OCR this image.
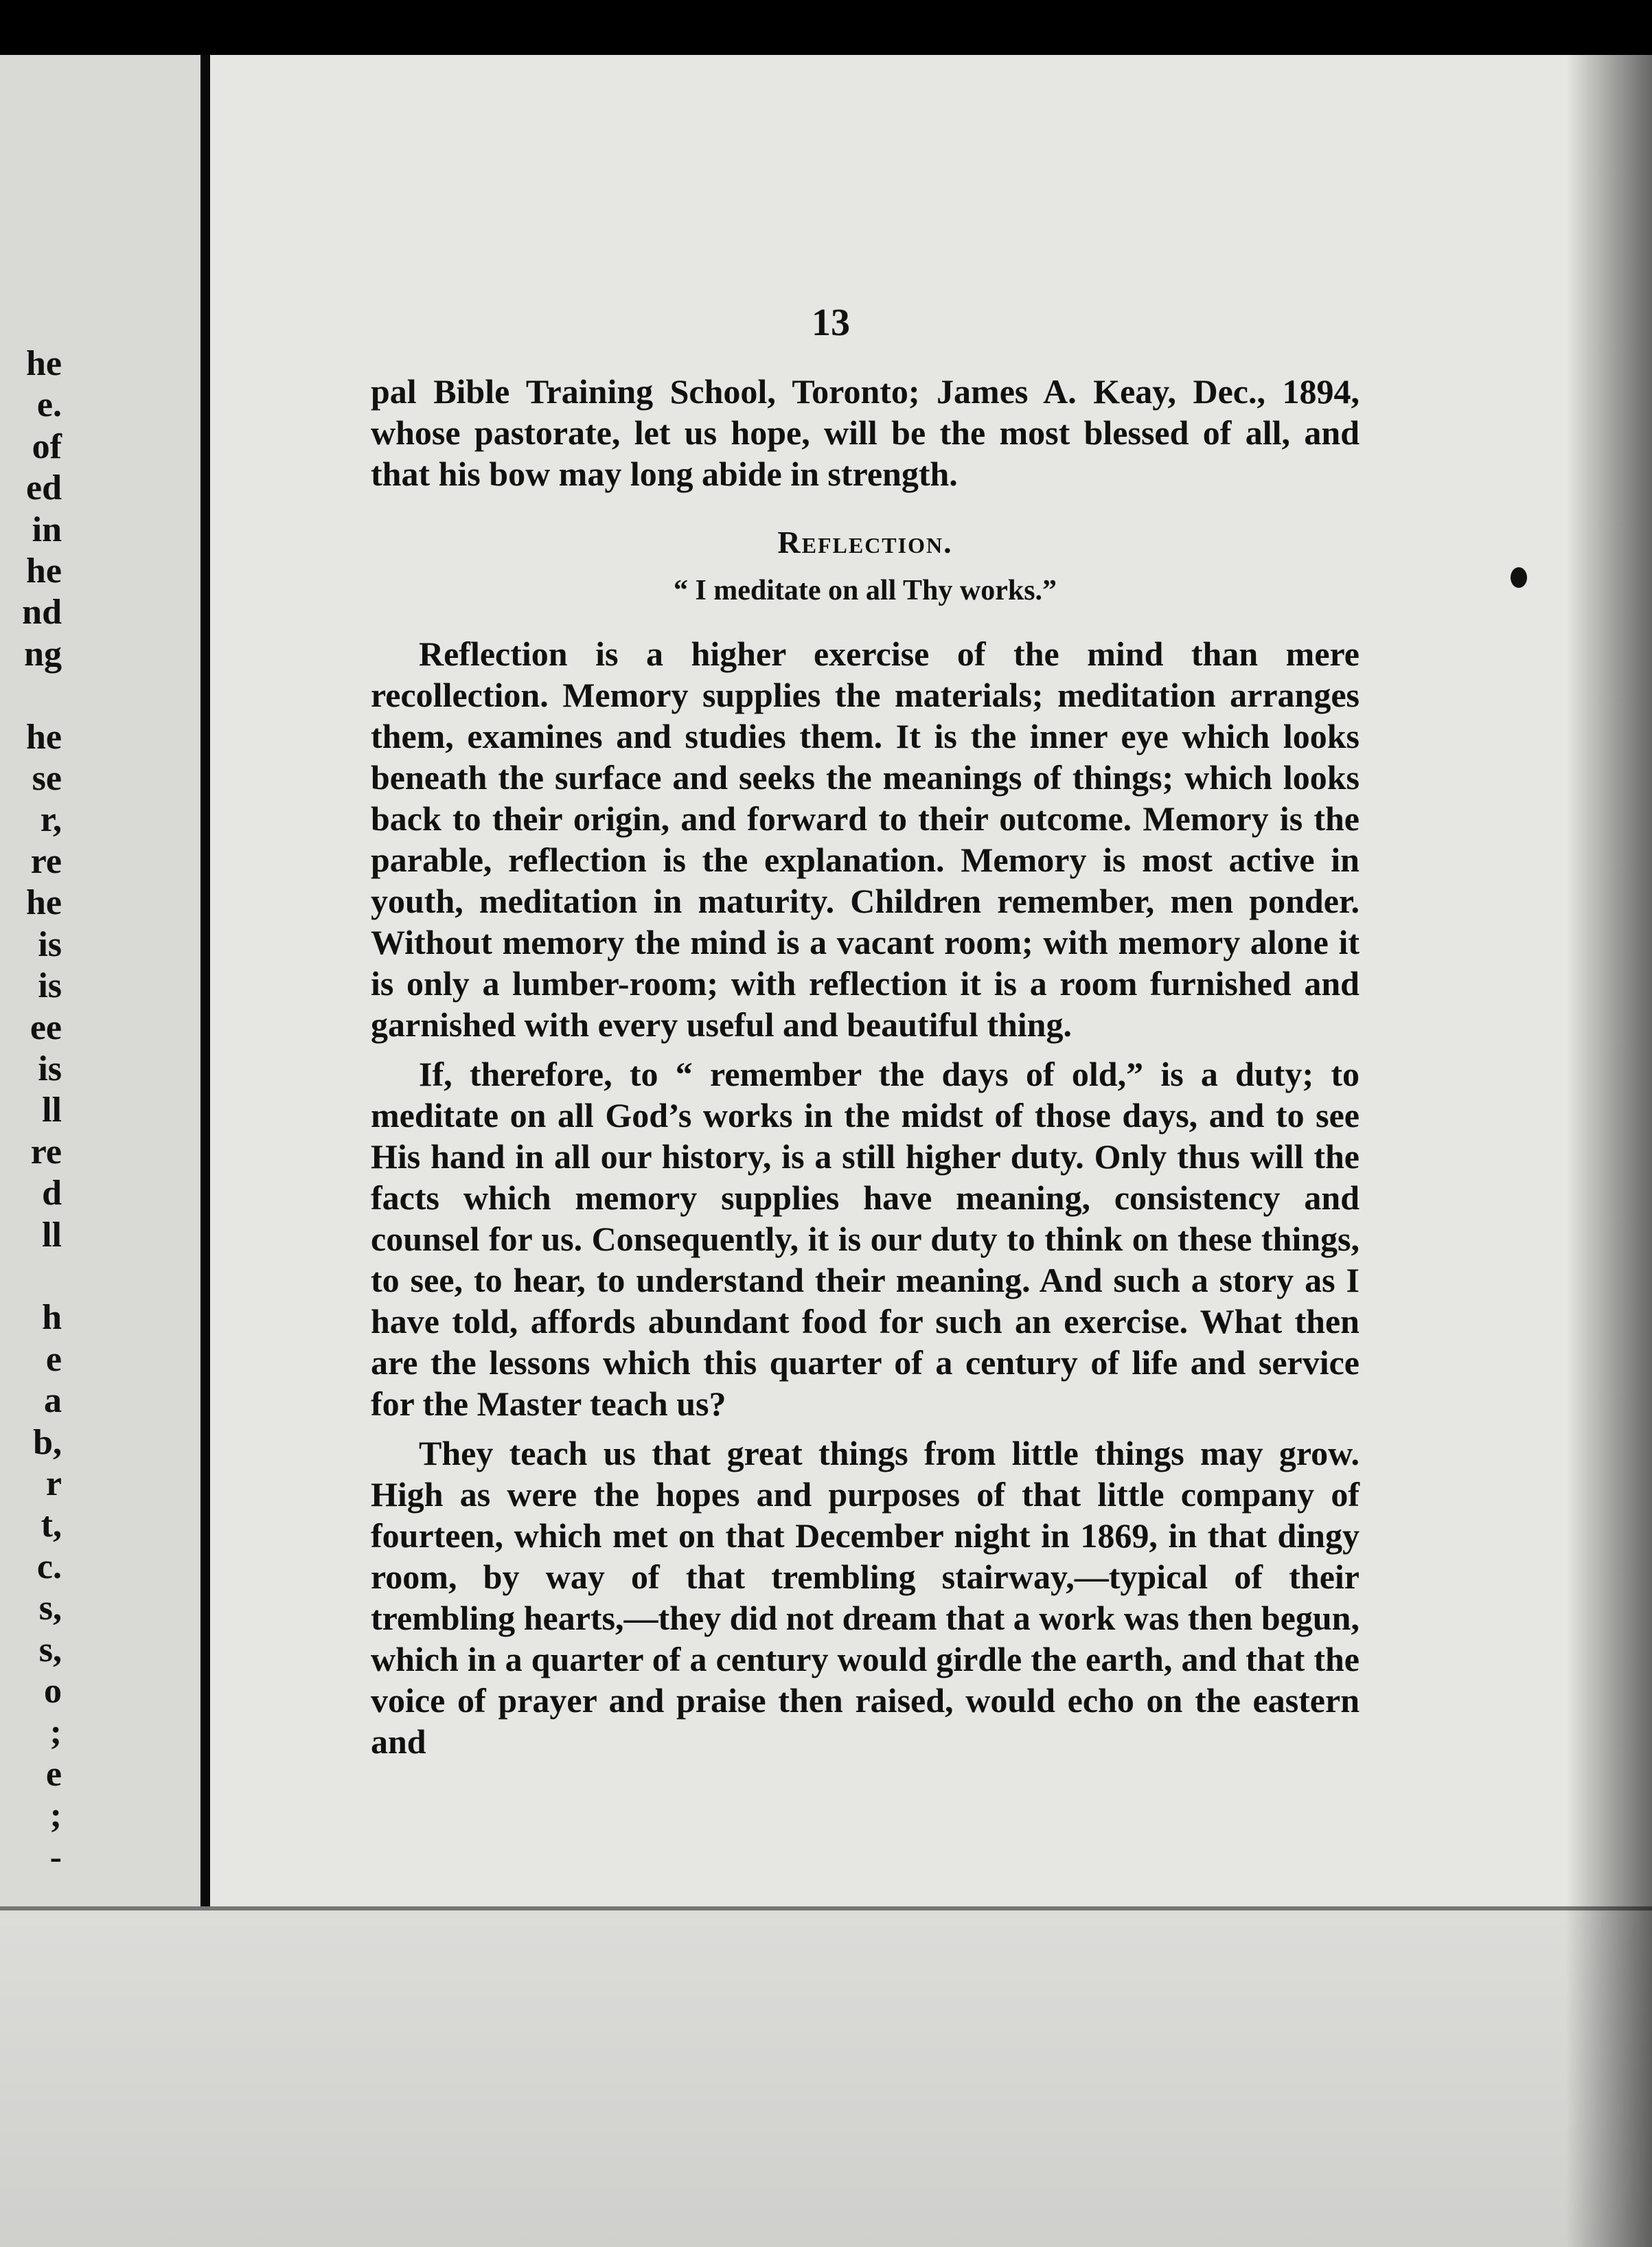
he
e.
of
ed
in
he
nd
ng

he
se
r,
re
he
is
is
ee
is
ll
re
d
ll

h
e
a
b,
r
t,
c.
s,
s,
o
;
e
;
-
13

pal Bible Training School, Toronto; James A. Keay, Dec., 1894, whose pastorate, let us hope, will be the most blessed of all, and that his bow may long abide in strength.

Reflection.
“ I meditate on all Thy works.”

Reflection is a higher exercise of the mind than mere recollection. Memory supplies the materials; meditation arranges them, examines and studies them. It is the inner eye which looks beneath the surface and seeks the meanings of things; which looks back to their origin, and forward to their outcome. Memory is the parable, reflection is the explanation. Memory is most active in youth, meditation in maturity. Children remember, men ponder. Without memory the mind is a vacant room; with memory alone it is only a lumber-room; with reflection it is a room furnished and garnished with every useful and beautiful thing.

If, therefore, to “ remember the days of old,” is a duty; to meditate on all God’s works in the midst of those days, and to see His hand in all our history, is a still higher duty. Only thus will the facts which memory supplies have meaning, consistency and counsel for us. Consequently, it is our duty to think on these things, to see, to hear, to understand their meaning. And such a story as I have told, affords abundant food for such an exercise. What then are the lessons which this quarter of a century of life and service for the Master teach us?

They teach us that great things from little things may grow. High as were the hopes and purposes of that little company of fourteen, which met on that December night in 1869, in that dingy room, by way of that trembling stairway,—typical of their trembling hearts,—they did not dream that a work was then begun, which in a quarter of a century would girdle the earth, and that the voice of prayer and praise then raised, would echo on the eastern and
